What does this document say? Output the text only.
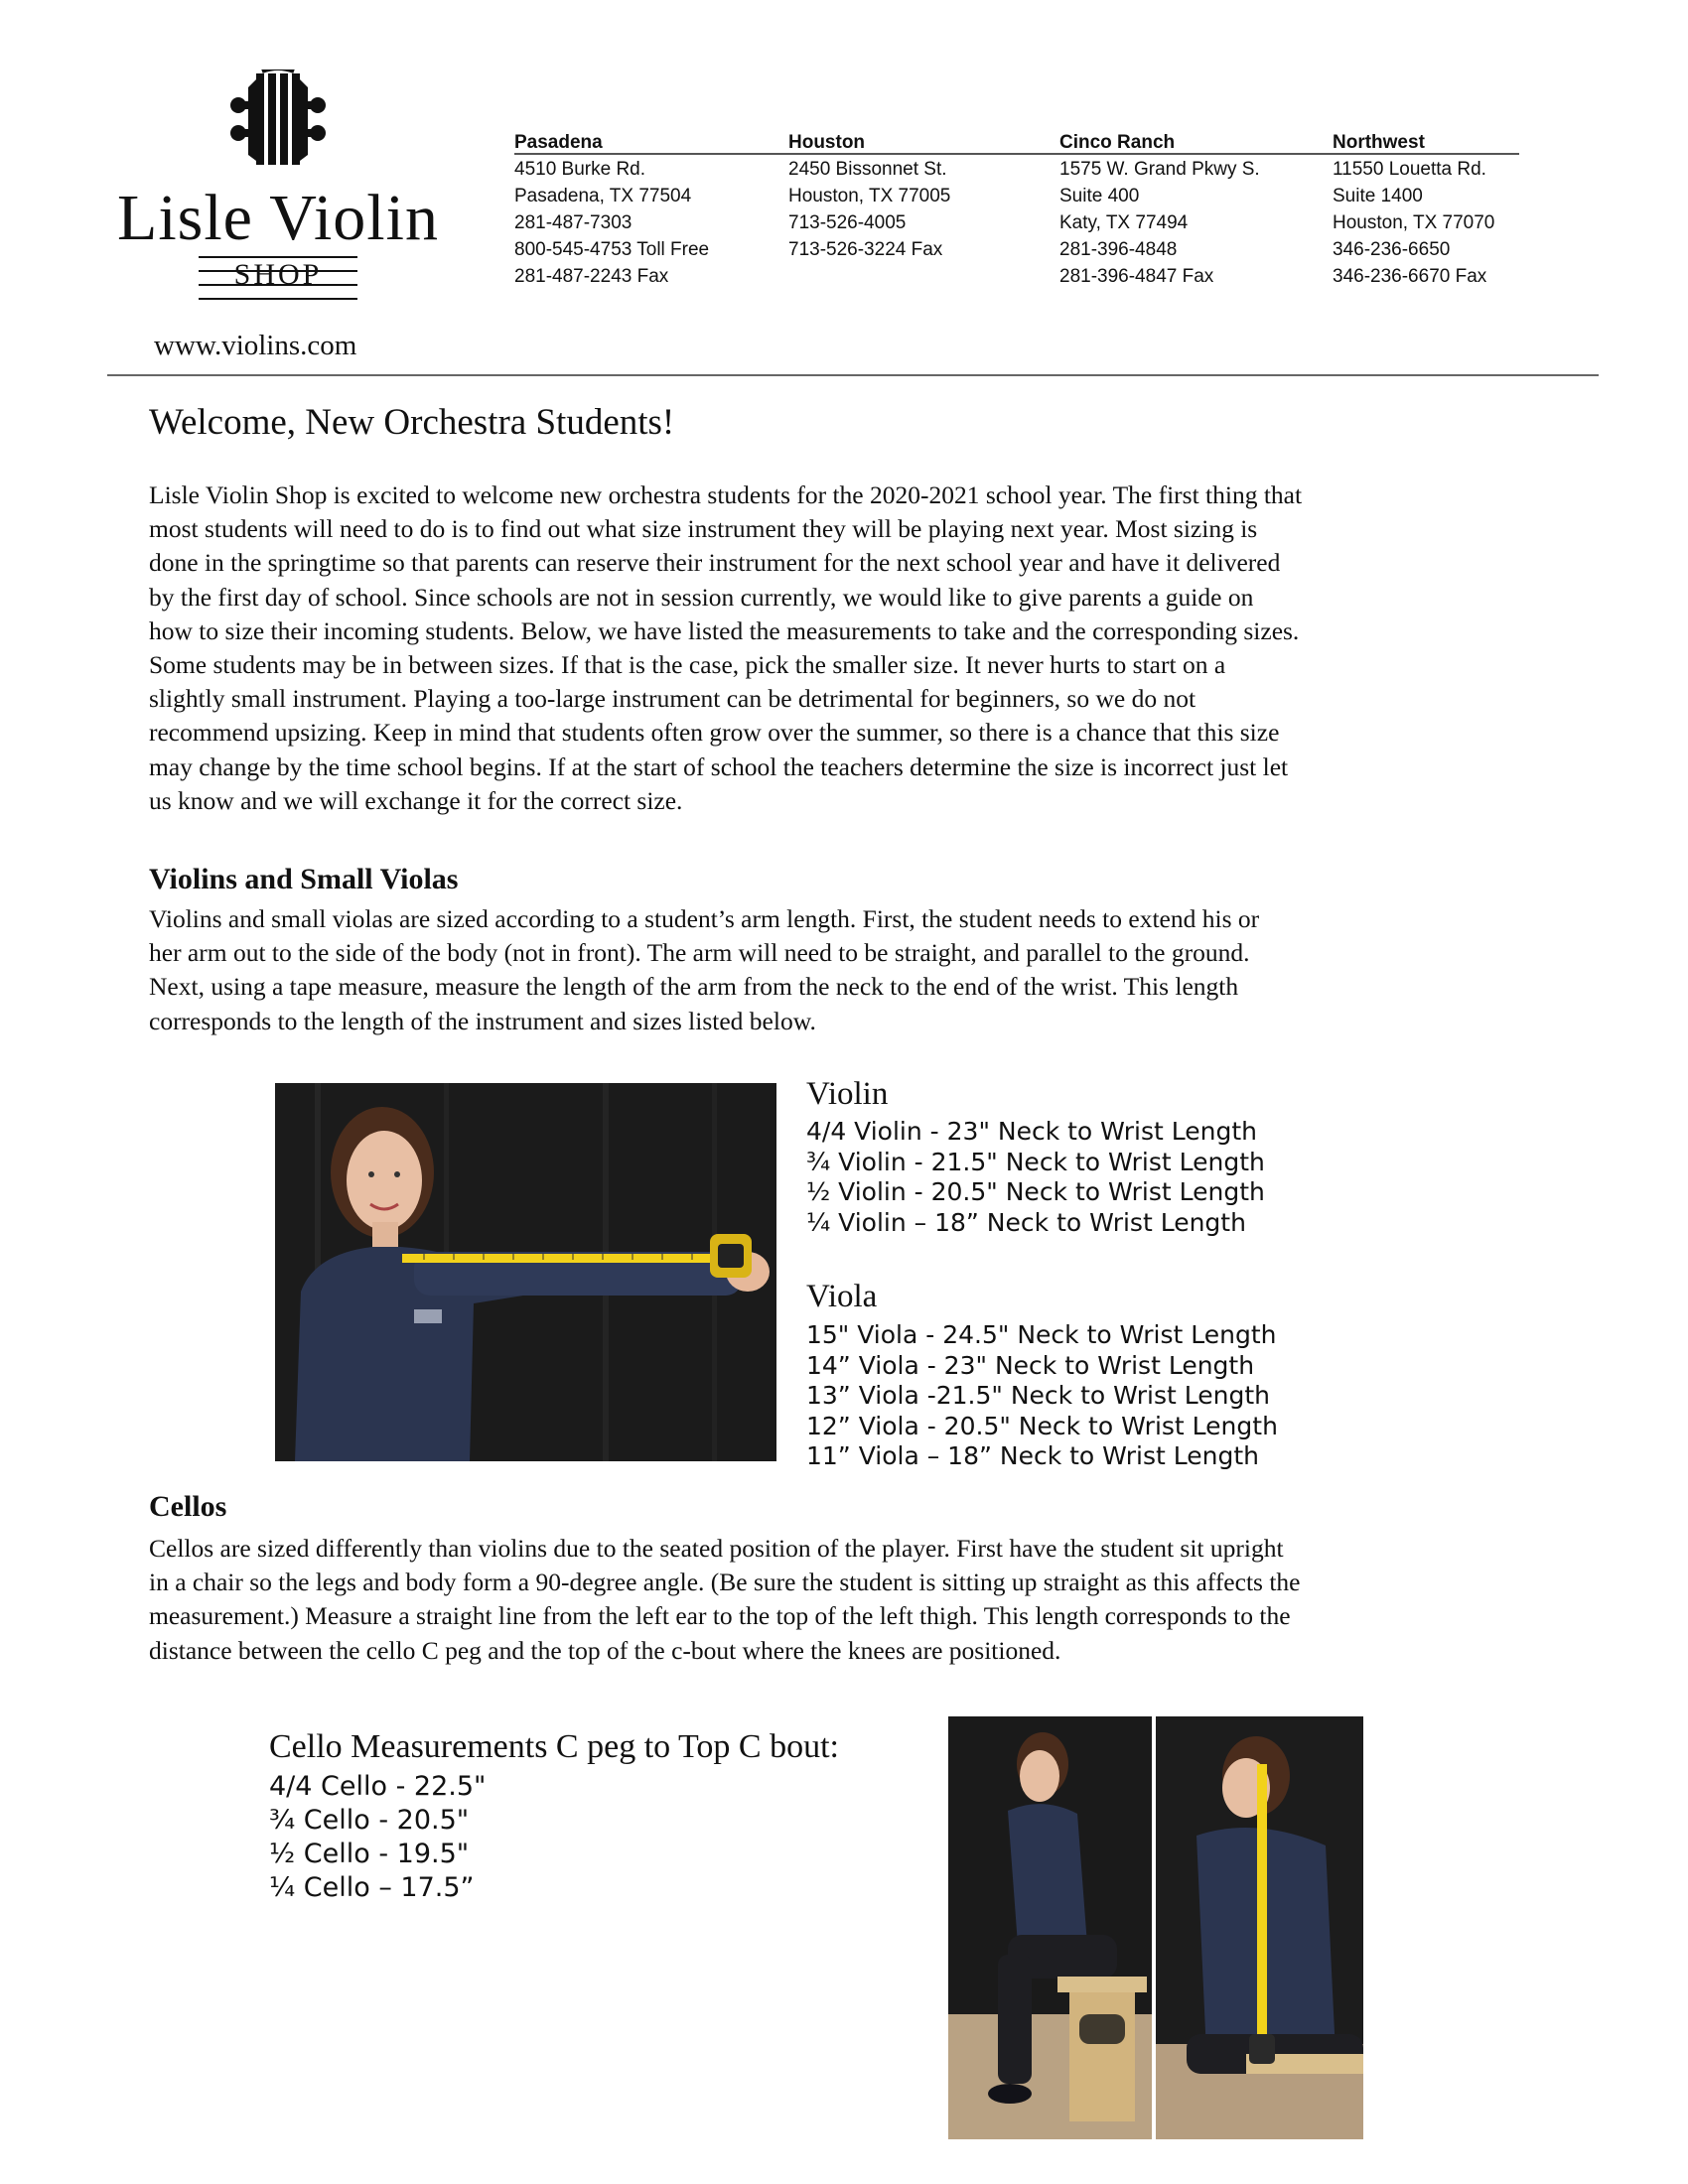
Lisle Violin
SHOP
www.violins.com
Pasadena
4510 Burke Rd.
Pasadena, TX 77504
281-487-7303
800-545-4753 Toll Free
281-487-2243 Fax
Houston
2450 Bissonnet St.
Houston, TX 77005
713-526-4005
713-526-3224 Fax
Cinco Ranch
1575 W. Grand Pkwy S.
Suite 400
Katy, TX 77494
281-396-4848
281-396-4847 Fax
Northwest
11550 Louetta Rd.
Suite 1400
Houston, TX 77070
346-236-6650
346-236-6670 Fax
Welcome, New Orchestra Students!
Lisle Violin Shop is excited to welcome new orchestra students for the 2020-2021 school year. The first thing that
most students will need to do is to find out what size instrument they will be playing next year. Most sizing is
done in the springtime so that parents can reserve their instrument for the next school year and have it delivered
by the first day of school. Since schools are not in session currently, we would like to give parents a guide on
how to size their incoming students. Below, we have listed the measurements to take and the corresponding sizes.
Some students may be in between sizes. If that is the case, pick the smaller size. It never hurts to start on a
slightly small instrument. Playing a too-large instrument can be detrimental for beginners, so we do not
recommend upsizing. Keep in mind that students often grow over the summer, so there is a chance that this size
may change by the time school begins. If at the start of school the teachers determine the size is incorrect just let
us know and we will exchange it for the correct size.
Violins and Small Violas
Violins and small violas are sized according to a student’s arm length. First, the student needs to extend his or
her arm out to the side of the body (not in front). The arm will need to be straight, and parallel to the ground.
Next, using a tape measure, measure the length of the arm from the neck to the end of the wrist. This length
corresponds to the length of the instrument and sizes listed below.
Violin
4/4 Violin - 23" Neck to Wrist Length
¾ Violin - 21.5" Neck to Wrist Length
½ Violin - 20.5" Neck to Wrist Length
¼ Violin – 18” Neck to Wrist Length
Viola
15" Viola - 24.5" Neck to Wrist Length
14” Viola - 23" Neck to Wrist Length
13” Viola -21.5" Neck to Wrist Length
12” Viola - 20.5" Neck to Wrist Length
11” Viola – 18” Neck to Wrist Length
Cellos
Cellos are sized differently than violins due to the seated position of the player. First have the student sit upright
in a chair so the legs and body form a 90-degree angle. (Be sure the student is sitting up straight as this affects the
measurement.) Measure a straight line from the left ear to the top of the left thigh. This length corresponds to the
distance between the cello C peg and the top of the c-bout where the knees are positioned.
Cello Measurements C peg to Top C bout:
4/4 Cello - 22.5"
¾ Cello - 20.5"
½ Cello - 19.5"
¼ Cello – 17.5”
